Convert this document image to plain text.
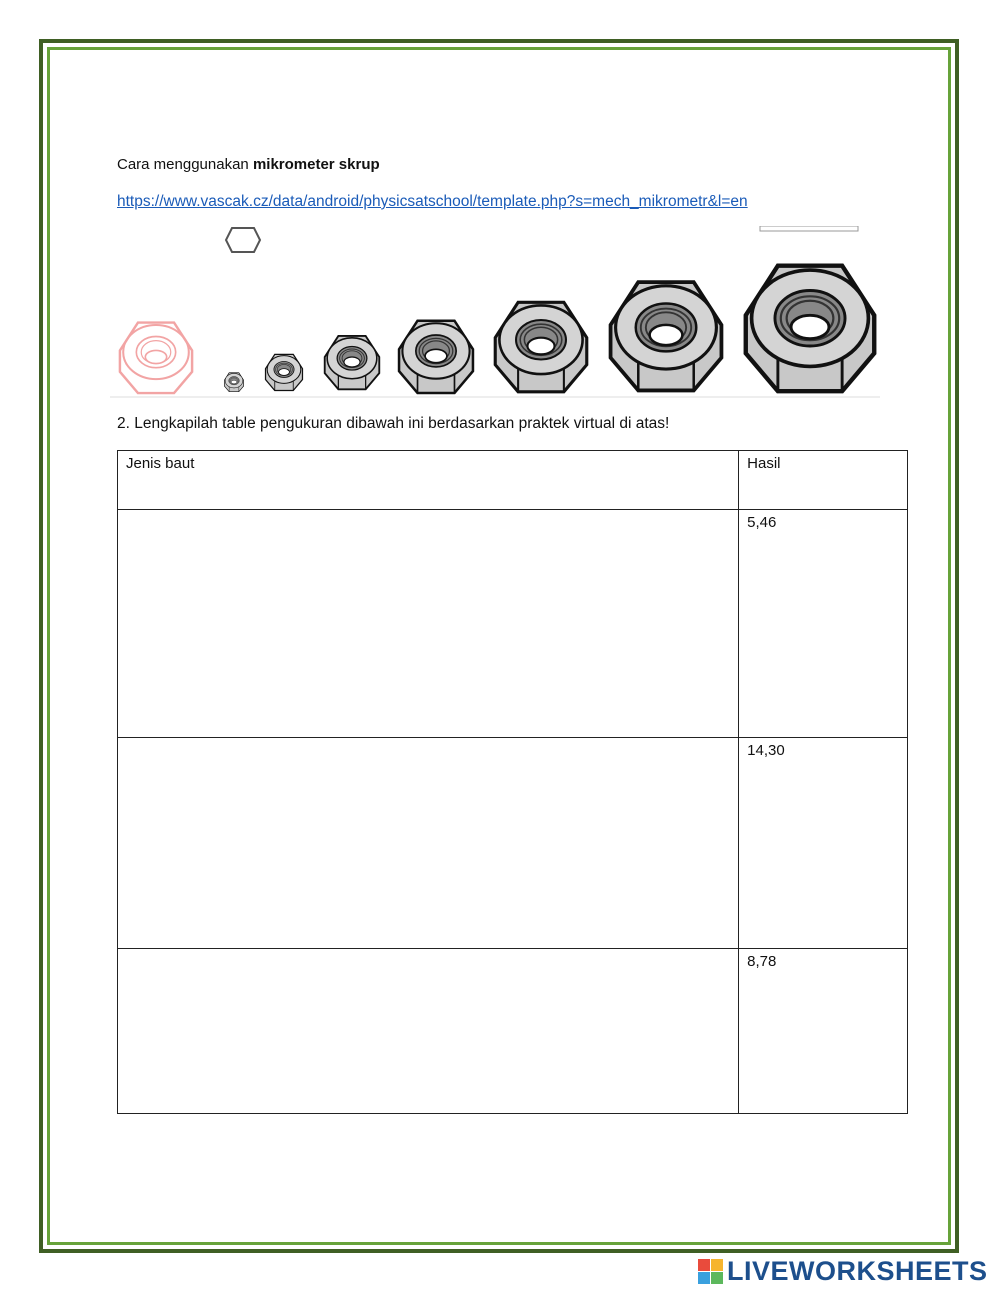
Cara menggunakan mikrometer skrup
https://www.vascak.cz/data/android/physicsatschool/template.php?s=mech_mikrometr&l=en
2. Lengkapilah table pengukuran dibawah ini berdasarkan praktek virtual di atas!
Jenis baut	Hasil
	5,46
	14,30
	8,78
LIVEWORKSHEETS
